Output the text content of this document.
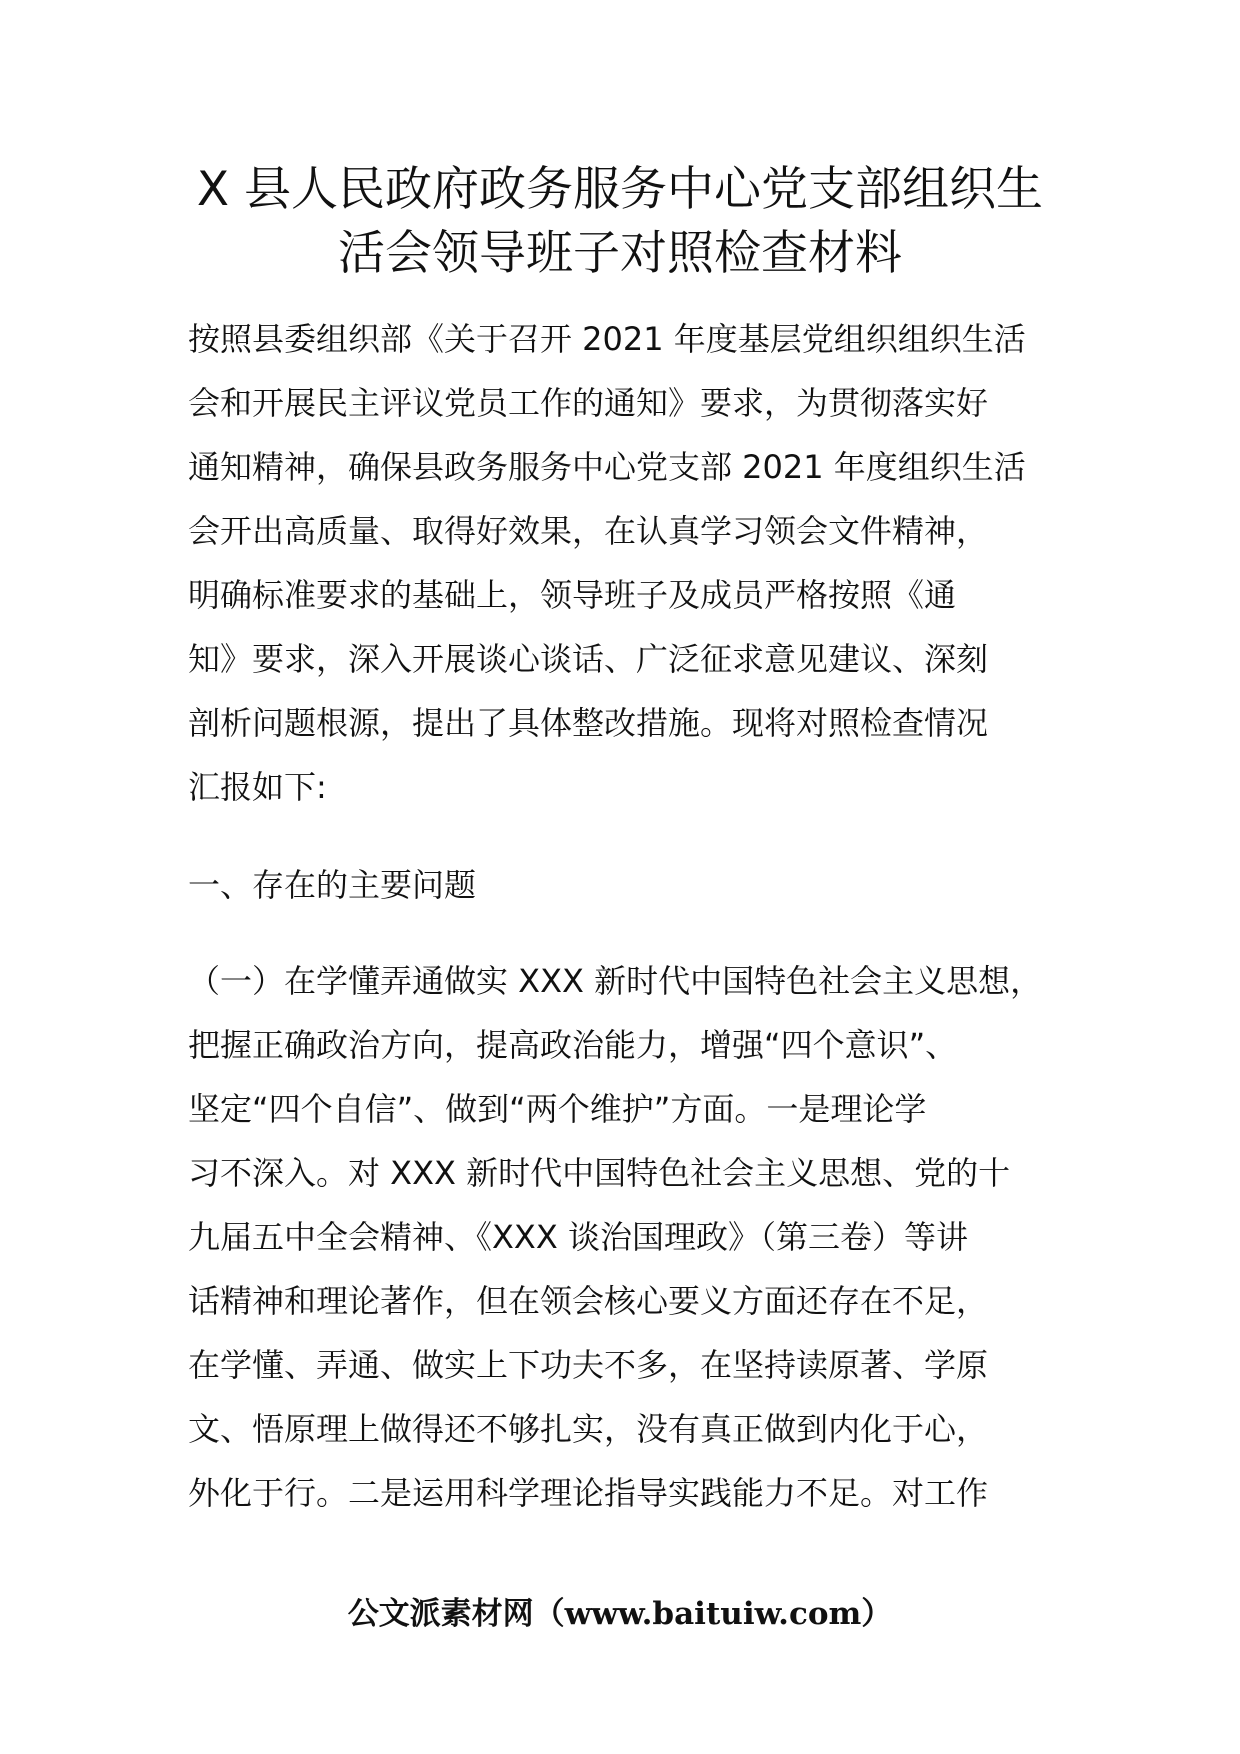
X 县人民政府政务服务中心党支部组织生
活会领导班子对照检查材料

按照县委组织部《关于召开 2021 年度基层党组织组织生活

会和开展民主评议党员工作的通知》要求，为贯彻落实好

通知精神，确保县政务服务中心党支部 2021 年度组织生活

会开出高质量、取得好效果，在认真学习领会文件精神，

明确标准要求的基础上，领导班子及成员严格按照《通

知》要求，深入开展谈心谈话、广泛征求意见建议、深刻

剖析问题根源，提出了具体整改措施。现将对照检查情况

汇报如下:

一、存在的主要问题

（一）在学懂弄通做实 XXX 新时代中国特色社会主义思想，

把握正确政治方向，提高政治能力，增强“四个意识”、

坚定“四个自信”、做到“两个维护”方面。一是理论学

习不深入。对 XXX 新时代中国特色社会主义思想、党的十

九届五中全会精神、《XXX 谈治国理政》（第三卷）等讲

话精神和理论著作，但在领会核心要义方面还存在不足，

在学懂、弄通、做实上下功夫不多，在坚持读原著、学原

文、悟原理上做得还不够扎实，没有真正做到内化于心，

外化于行。二是运用科学理论指导实践能力不足。对工作

公文派素材网（www.baituiw.com）
